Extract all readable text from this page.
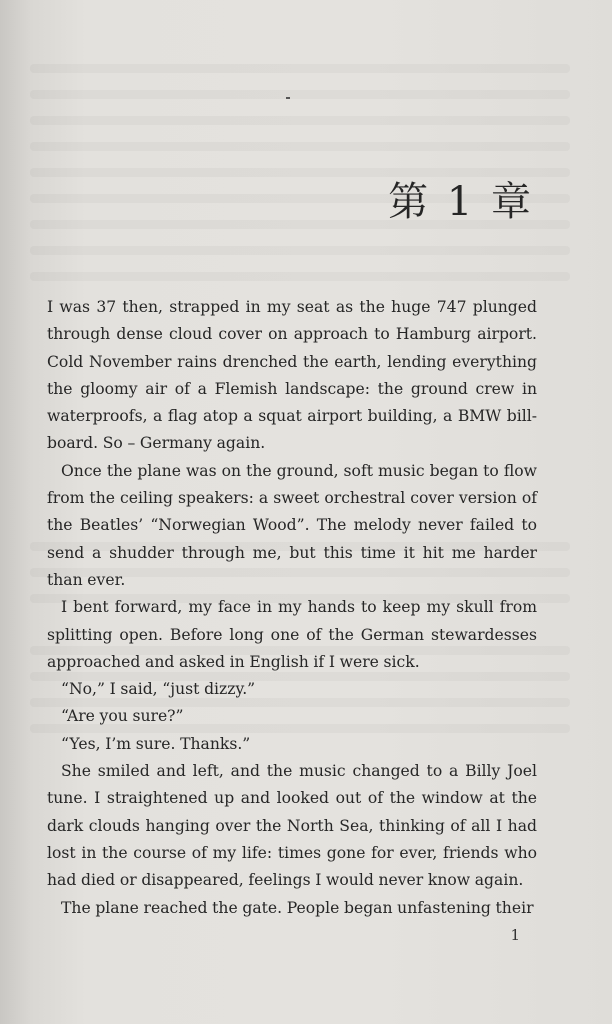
第 1 章

I was 37 then, strapped in my seat as the huge 747 plunged through dense cloud cover on approach to Hamburg airport. Cold November rains drenched the earth, lending everything the gloomy air of a Flemish landscape: the ground crew in waterproofs, a flag atop a squat airport building, a BMW bill-board. So – Germany again.

Once the plane was on the ground, soft music began to flow from the ceiling speakers: a sweet orchestral cover version of the Beatles’ “Norwegian Wood”. The melody never failed to send a shudder through me, but this time it hit me harder than ever.

I bent forward, my face in my hands to keep my skull from splitting open. Before long one of the German stewardesses approached and asked in English if I were sick.

“No,” I said, “just dizzy.”

“Are you sure?”

“Yes, I’m sure. Thanks.”

She smiled and left, and the music changed to a Billy Joel tune. I straightened up and looked out of the window at the dark clouds hanging over the North Sea, thinking of all I had lost in the course of my life: times gone for ever, friends who had died or disappeared, feelings I would never know again.

The plane reached the gate. People began unfastening their

1
